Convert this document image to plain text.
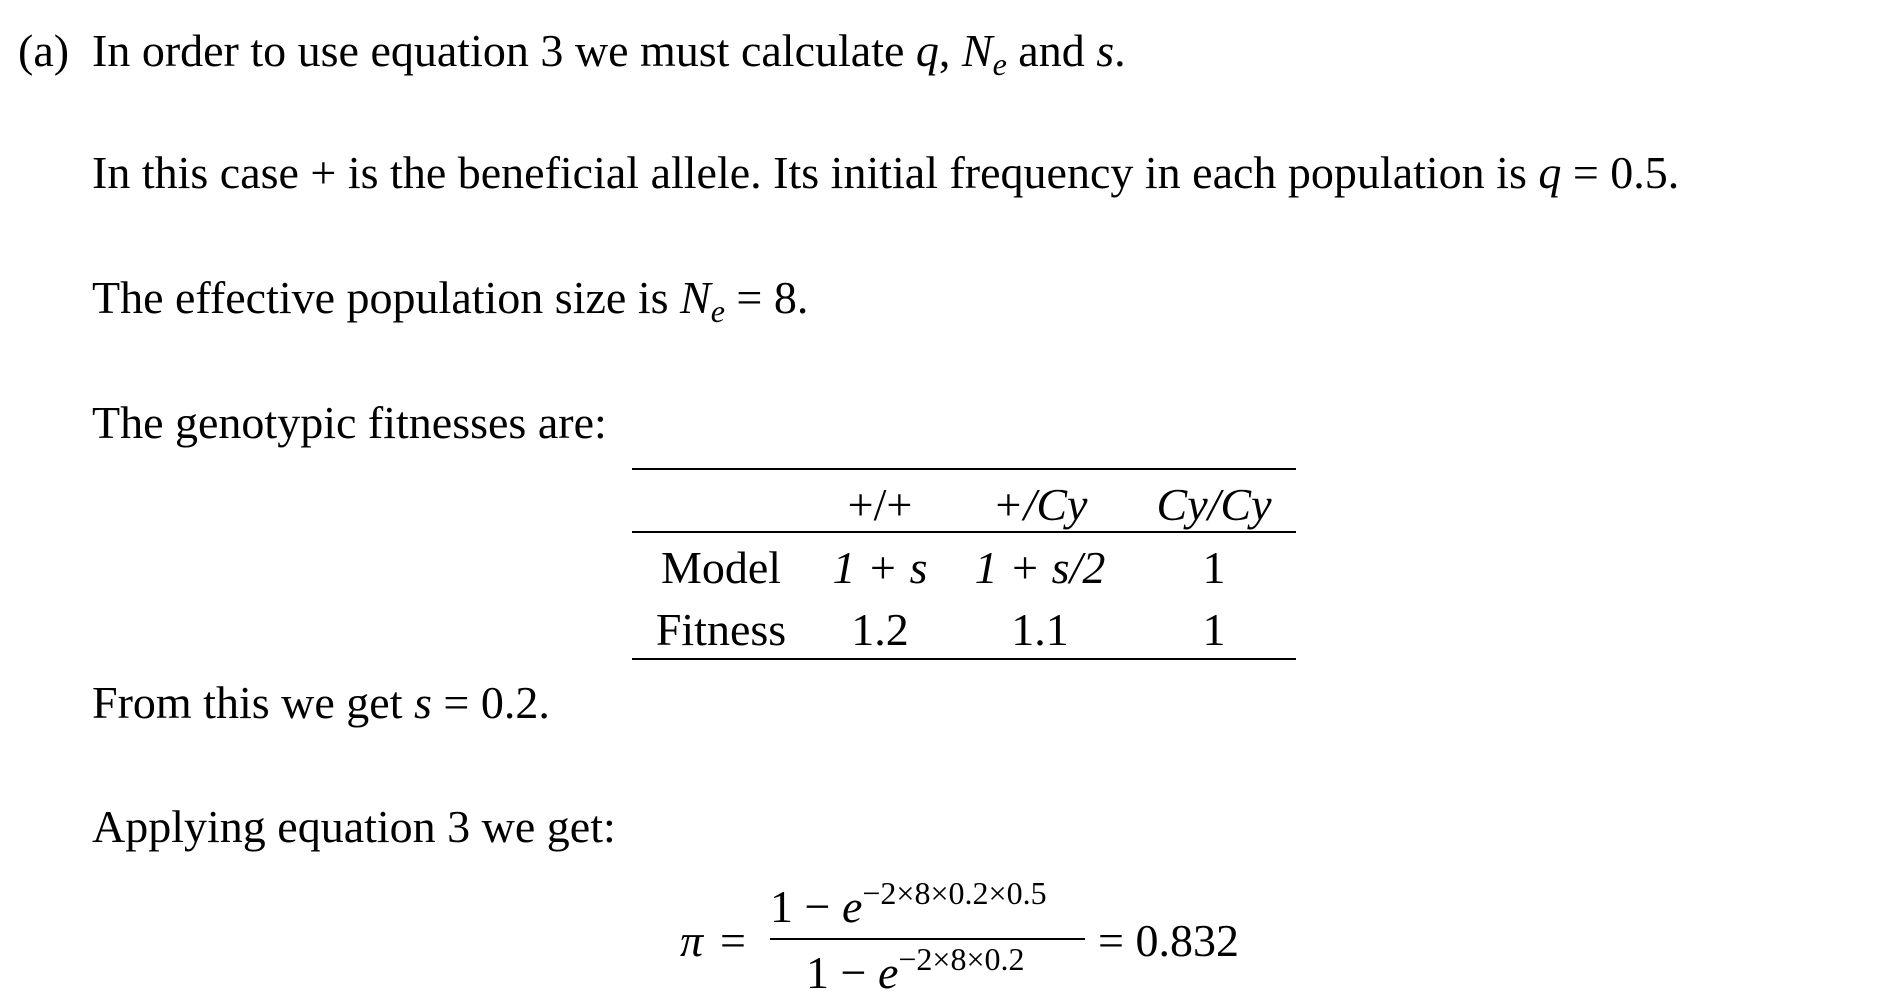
(a) In order to use equation 3 we must calculate q, $N_e$ and s.
In this case + is the beneficial allele. Its initial frequency in each population is q = 0.5.
The effective population size is $N_e = 8$.
The genotypic fitnesses are:
+/+ +/Cy Cy/Cy
Model 1 + s 1 + s/2 1
Fitness 1.2 1.1	1
From this we get s = 0.2.
Applying equation 3 we get:
π =
$1 - e^{-2\times 8\times 0.2\times 0.5}$
$1 - e^{-2\times 8\times 0.2} = 0.832$
